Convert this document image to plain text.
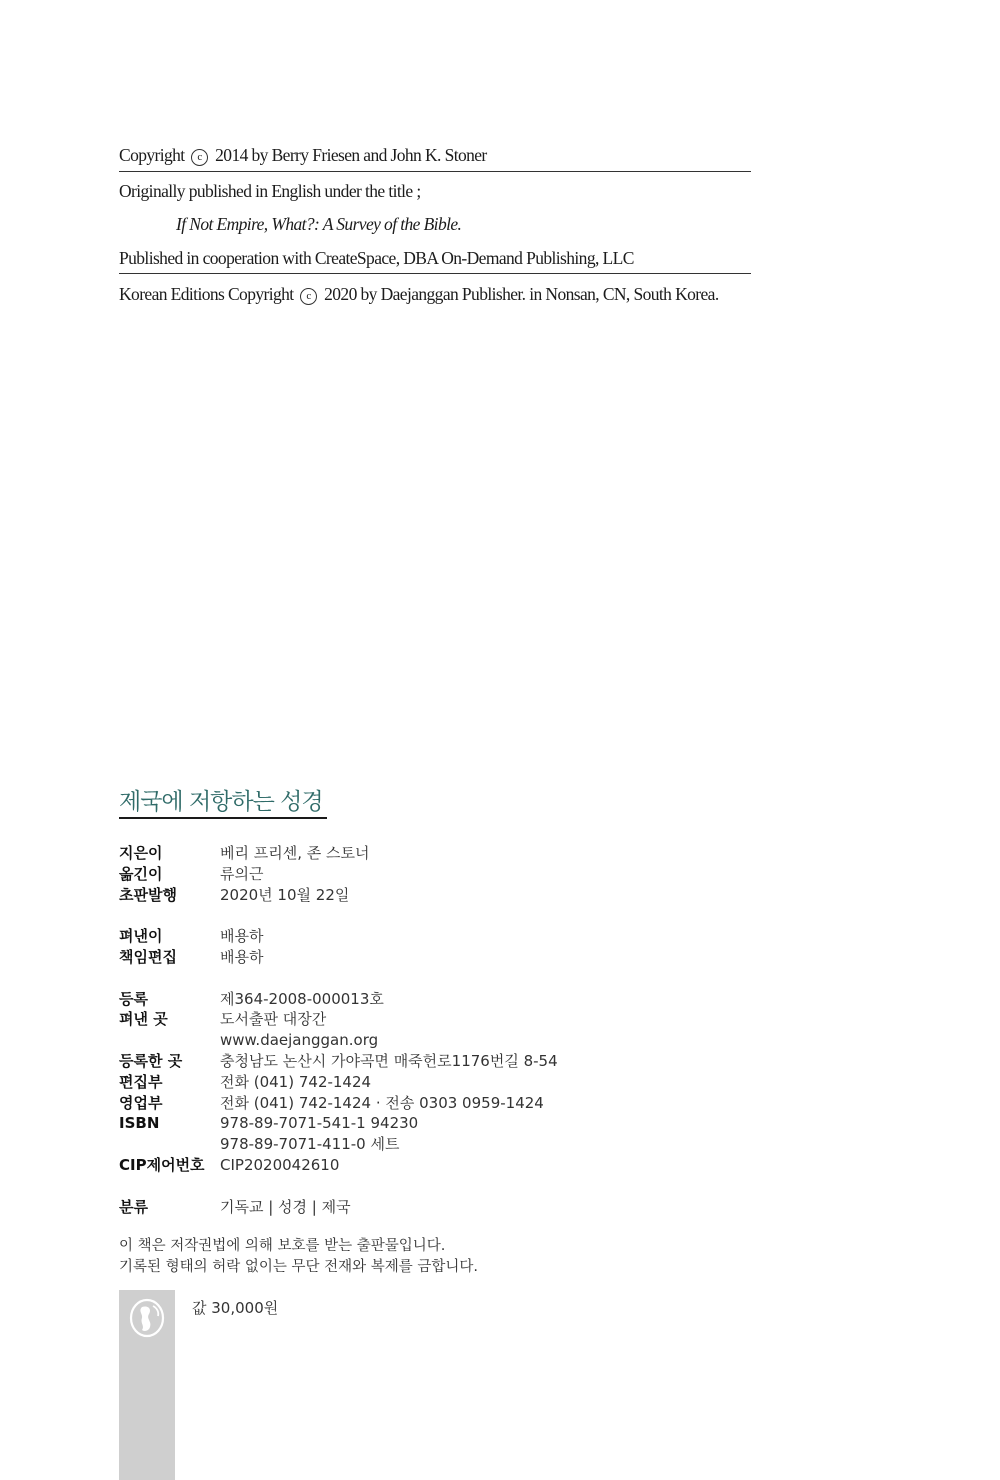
Copyright c 2014 by Berry Friesen and John K. Stoner
Originally published in English under the title ;
If Not Empire, What?: A Survey of the Bible.
Published in cooperation with CreateSpace, DBA On-Demand Publishing, LLC
Korean Editions Copyright c 2020 by Daejanggan Publisher. in Nonsan, CN, South Korea.
제국에 저항하는 성경
지은이	베리 프리센, 존 스토너
옮긴이	류의근
초판발행	2020년 10월 22일
펴낸이	배용하
책임편집	배용하
등록	제364-2008-000013호
펴낸 곳	도서출판 대장간
www.daejanggan.org
등록한 곳	충청남도 논산시 가야곡면 매죽헌로1176번길 8-54
편집부	전화 (041) 742-1424
영업부	전화 (041) 742-1424 · 전송 0303 0959-1424
ISBN	978-89-7071-541-1 94230
978-89-7071-411-0 세트
CIP제어번호 CIP2020042610
분류	기독교 | 성경 | 제국
이 책은 저작권법에 의해 보호를 받는 출판물입니다.
기록된 형태의 허락 없이는 무단 전재와 복제를 금합니다.
값 30,000원
